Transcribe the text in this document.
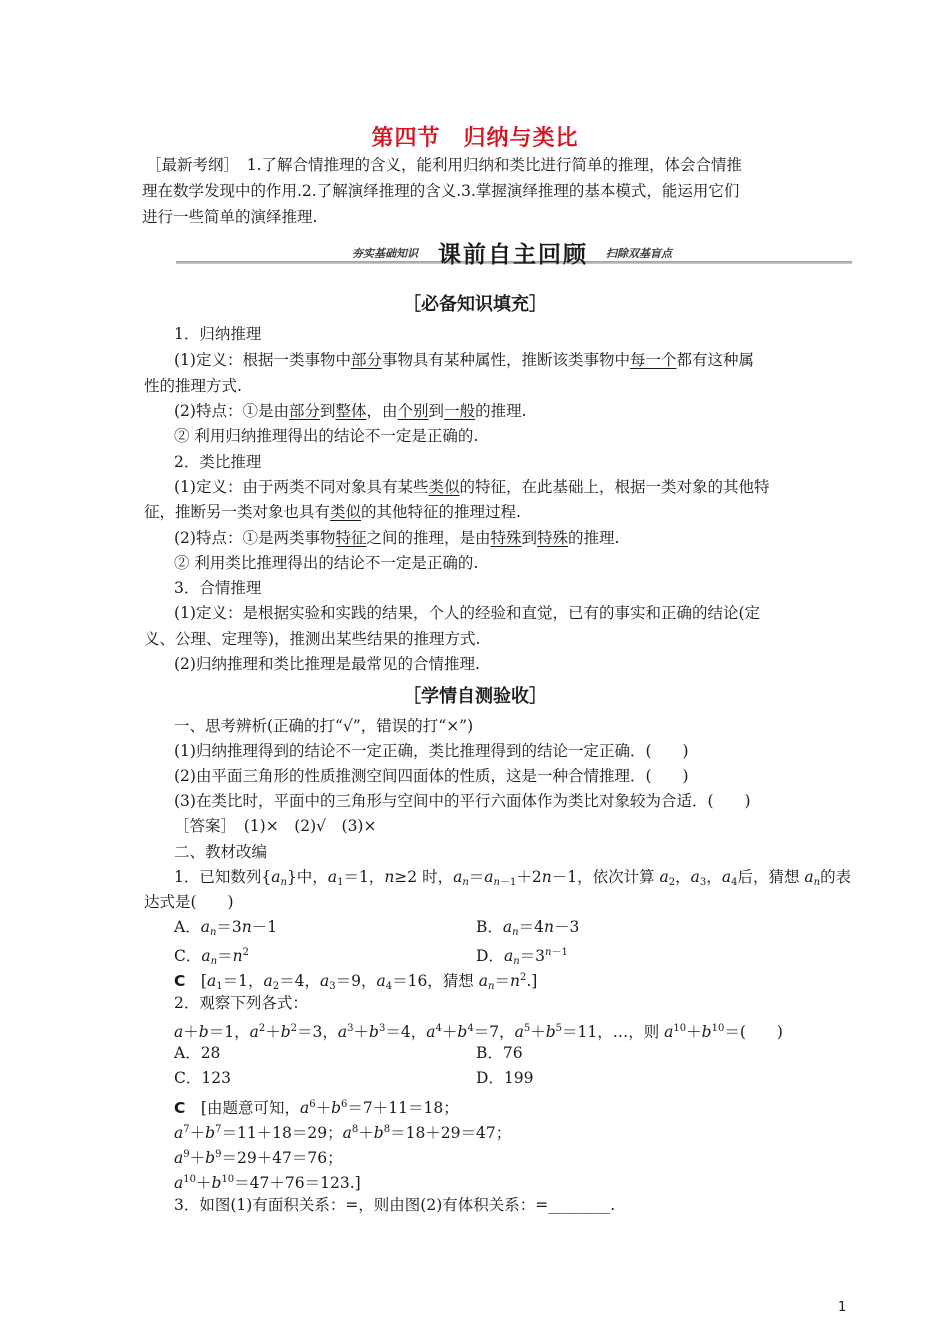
第四节　归纳与类比
［最新考纲］　1.了解合情推理的含义，能利用归纳和类比进行简单的推理，体会合情推
理在数学发现中的作用.2.了解演绎推理的含义.3.掌握演绎推理的基本模式，能运用它们
进行一些简单的演绎推理.
夯实基础知识 课前自主回顾 扫除双基盲点
［必备知识填充］
1．归纳推理
(1)定义：根据一类事物中部分事物具有某种属性，推断该类事物中每一个都有这种属
性的推理方式.
(2)特点：①是由部分到整体，由个别到一般的推理.
② 利用归纳推理得出的结论不一定是正确的.
2．类比推理
(1)定义：由于两类不同对象具有某些类似的特征，在此基础上，根据一类对象的其他特
征，推断另一类对象也具有类似的其他特征的推理过程.
(2)特点：①是两类事物特征之间的推理，是由特殊到特殊的推理.
② 利用类比推理得出的结论不一定是正确的.
3．合情推理
(1)定义：是根据实验和实践的结果，个人的经验和直觉，已有的事实和正确的结论(定
义、公理、定理等)，推测出某些结果的推理方式.
(2)归纳推理和类比推理是最常见的合情推理.
［学情自测验收］
一、思考辨析(正确的打“√”，错误的打“×”)
(1)归纳推理得到的结论不一定正确，类比推理得到的结论一定正确．(　　)
(2)由平面三角形的性质推测空间四面体的性质，这是一种合情推理．(　　)
(3)在类比时，平面中的三角形与空间中的平行六面体作为类比对象较为合适．(　　)
［答案］　(1)×　(2)√　(3)×
二、教材改编
1．已知数列$\{a_n\}$中，$a_1=1$，n≥2 时，$a_n=a_{n-1}+2n-1$，依次计算 $a_2$，$a_3$，$a_4$后，猜想 $a_n$的表
达式是(　　)
A．$a_n=3n-1$	B．$a_n=4n-3$
C．$a_n=n^2$	D．$a_n=3^{n-1}$
C　[$a_1=1$，$a_2=4$，$a_3=9$，$a_4=16$，猜想 $a_n=n^2$.]
2．观察下列各式：
a＋b＝1，$a^2+b^2=3$，$a^3+b^3=4$，$a^4+b^4=7$，$a^5+b^5=11$，…，则 $a^{10}+b^{10}=$(　　)
A．28	B．76
C．123	D．199
C　[由题意可知，$a^6+b^6=7+11=18$；
$a^7+b^7=11+18=29$；$a^8+b^8=18+29=47$；
$a^9+b^9=29+47=76$；
$a^{10}+b^{10}=47+76=123$.]
3．如图(1)有面积关系：=，则由图(2)有体积关系：=________.
1
